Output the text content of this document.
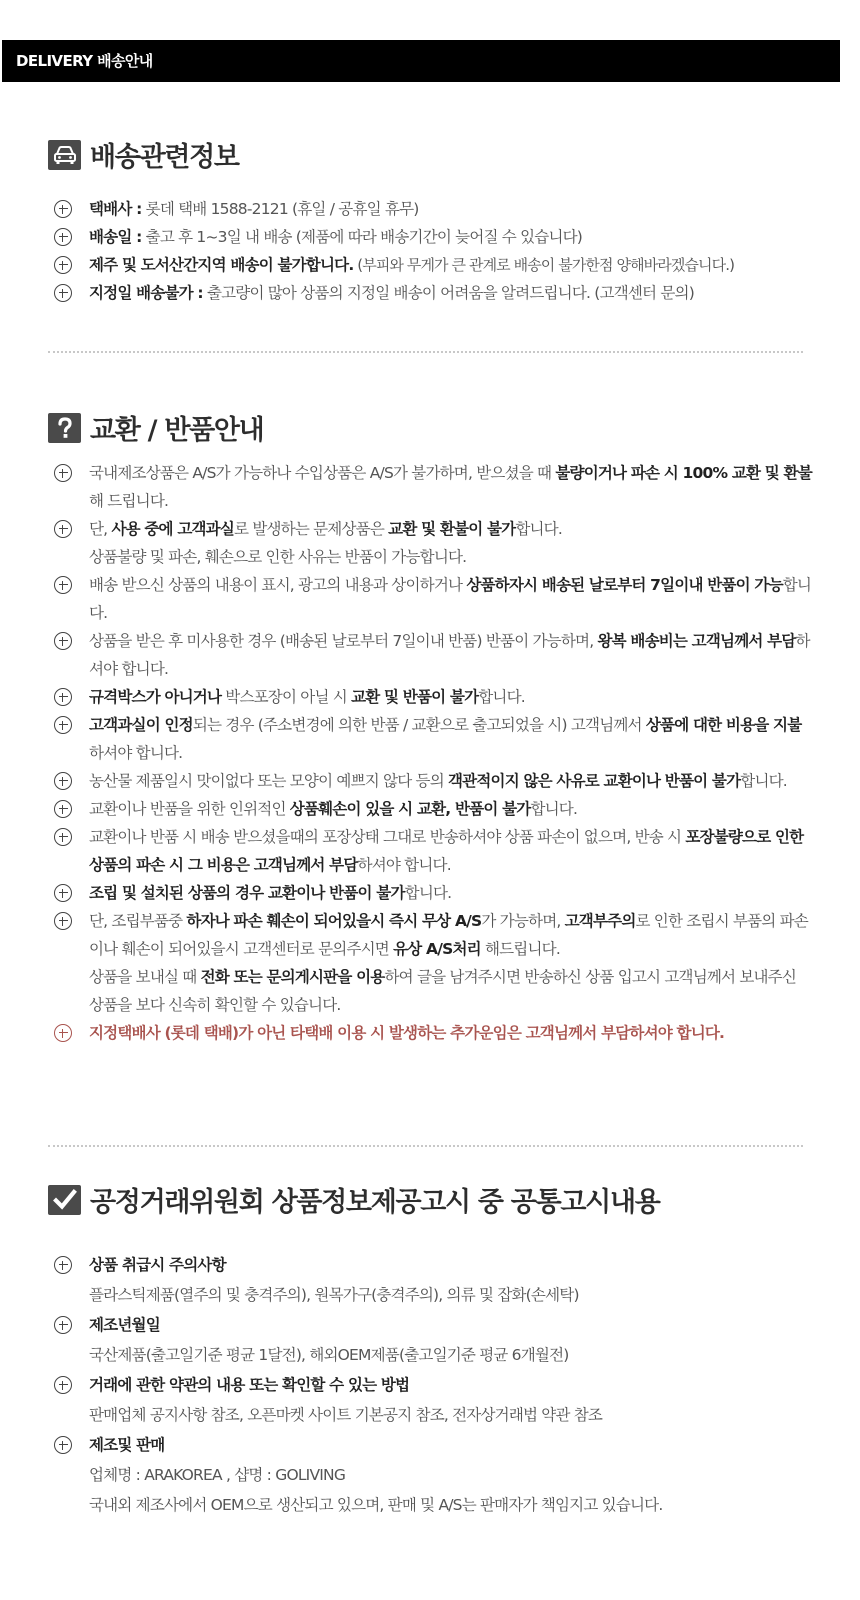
DELIVERY 배송안내
배송관련정보
택배사 : 롯데 택배 1588-2121 (휴일 / 공휴일 휴무)
배송일 : 출고 후 1~3일 내 배송 (제품에 따라 배송기간이 늦어질 수 있습니다)
제주 및 도서산간지역 배송이 불가합니다. (부피와 무게가 큰 관계로 배송이 불가한점 양해바라겠습니다.)
지정일 배송불가 : 출고량이 많아 상품의 지정일 배송이 어려움을 알려드립니다. (고객센터 문의)
교환 / 반품안내
국내제조상품은 A/S가 가능하나 수입상품은 A/S가 불가하며, 받으셨을 때 불량이거나 파손 시 100% 교환 및 환불해 드립니다.
단, 사용 중에 고객과실로 발생하는 문제상품은 교환 및 환불이 불가합니다.
상품불량 및 파손, 훼손으로 인한 사유는 반품이 가능합니다.
배송 받으신 상품의 내용이 표시, 광고의 내용과 상이하거나 상품하자시 배송된 날로부터 7일이내 반품이 가능합니다.
상품을 받은 후 미사용한 경우 (배송된 날로부터 7일이내 반품) 반품이 가능하며, 왕복 배송비는 고객님께서 부담하셔야 합니다.
규격박스가 아니거나 박스포장이 아닐 시 교환 및 반품이 불가합니다.
고객과실이 인정되는 경우 (주소변경에 의한 반품 / 교환으로 출고되었을 시) 고객님께서 상품에 대한 비용을 지불하셔야 합니다.
농산물 제품일시 맛이없다 또는 모양이 예쁘지 않다 등의 객관적이지 않은 사유로 교환이나 반품이 불가합니다.
교환이나 반품을 위한 인위적인 상품훼손이 있을 시 교환, 반품이 불가합니다.
교환이나 반품 시 배송 받으셨을때의 포장상태 그대로 반송하셔야 상품 파손이 없으며, 반송 시 포장불량으로 인한 상품의 파손 시 그 비용은 고객님께서 부담하셔야 합니다.
조립 및 설치된 상품의 경우 교환이나 반품이 불가합니다.
단, 조립부품중 하자나 파손 훼손이 되어있을시 즉시 무상 A/S가 가능하며, 고객부주의로 인한 조립시 부품의 파손이나 훼손이 되어있을시 고객센터로 문의주시면 유상 A/S처리 해드립니다.
상품을 보내실 때 전화 또는 문의게시판을 이용하여 글을 남겨주시면 반송하신 상품 입고시 고객님께서 보내주신 상품을 보다 신속히 확인할 수 있습니다.
지정택배사 (롯데 택배)가 아닌 타택배 이용 시 발생하는 추가운임은 고객님께서 부담하셔야 합니다.
공정거래위원회 상품정보제공고시 중 공통고시내용
상품 취급시 주의사항
플라스틱제품(열주의 및 충격주의), 원목가구(충격주의), 의류 및 잡화(손세탁)
제조년월일
국산제품(출고일기준 평균 1달전), 해외OEM제품(출고일기준 평균 6개월전)
거래에 관한 약관의 내용 또는 확인할 수 있는 방법
판매업체 공지사항 참조, 오픈마켓 사이트 기본공지 참조, 전자상거래법 약관 참조
제조및 판매
업체명 : ARAKOREA , 샵명 : GOLIVING
국내외 제조사에서 OEM으로 생산되고 있으며, 판매 및 A/S는 판매자가 책임지고 있습니다.
